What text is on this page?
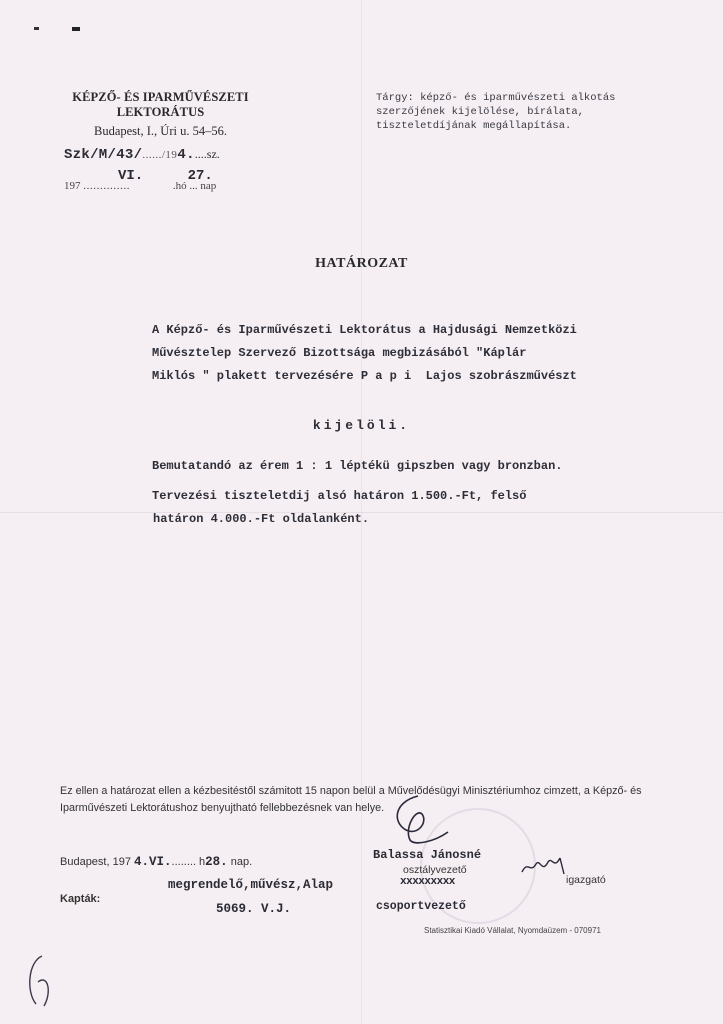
KÉPZŐ- ÉS IPARMŰVÉSZETI
LEKTORÁTUS
Budapest, I., Úri u. 54–56.
Szk/M/43/....../194.....sz.
VI.	27.
197 ..............	.hó ... nap
Tárgy: képző- és iparművészeti alkotás szerzőjének kijelölése, bírálata, tiszteletdíjának megállapítása.
HATÁROZAT

A Képző- és Iparművészeti Lektorátus a Hajdusági Nemzetközi

Művésztelep Szervező Bizottsága megbizásából "Káplár

Miklós " plakett tervezésére P a p i  Lajos szobrászművészt

kijelöli.

Bemutatandó az érem 1 : 1 léptékü gipszben vagy bronzban.

Tervezési tiszteletdij alsó határon 1.500.-Ft, felső

határon 4.000.-Ft oldalanként.

Ez ellen a határozat ellen a kézbesitéstől számitott 15 napon belül a Művelődésügyi Minisztériumhoz cimzett, a Képző- és Iparművészeti Lektorátushoz benyujtható fellebbezésnek van helye.
Budapest, 197 4.VI......... h28. nap.	Balassa Jánosné
osztályvezető
xxxxxxxxx	igazgató
csoportvezető
Kapták:
megrendelő,művész,Alap
5069. V.J.
Statisztikai Kiadó Vállalat, Nyomdaüzem - 070971
